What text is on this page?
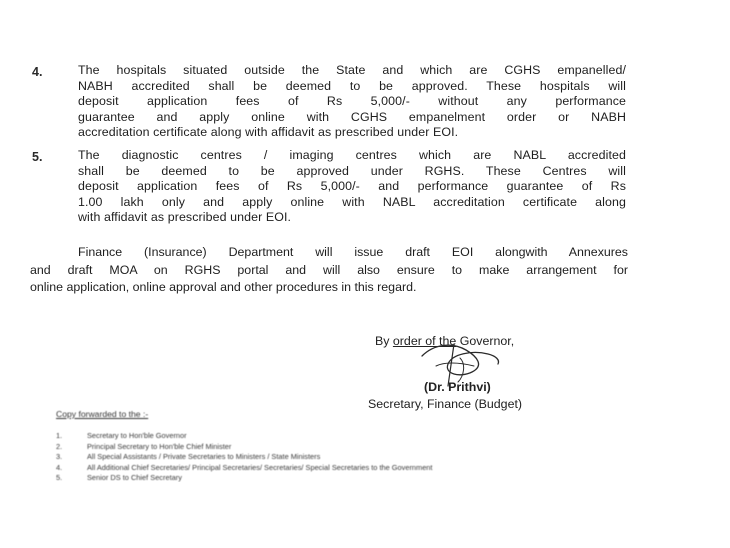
4.	The hospitals situated outside the State and which are CGHS empanelled/
NABH accredited shall be deemed to be approved. These hospitals will
deposit application fees of Rs 5,000/- without any performance
guarantee and apply online with CGHS empanelment order or NABH
accreditation certificate along with affidavit as prescribed under EOI.
5.	The diagnostic centres / imaging centres which are NABL accredited
shall be deemed to be approved under RGHS. These Centres will
deposit application fees of Rs 5,000/- and performance guarantee of Rs
1.00 lakh only and apply online with NABL accreditation certificate along
with affidavit as prescribed under EOI.
Finance (Insurance) Department will issue draft EOI alongwith Annexures
and draft MOA on RGHS portal and will also ensure to make arrangement for
online application, online approval and other procedures in this regard.
By order of the Governor,
(Dr. Prithvi)
Secretary, Finance (Budget)
Copy forwarded to the :-
1.	Secretary to Hon'ble Governor
2.	Principal Secretary to Hon'ble Chief Minister
3.	All Special Assistants / Private Secretaries to Ministers / State Ministers
4.	All Additional Chief Secretaries/ Principal Secretaries/ Secretaries/ Special Secretaries to the Government
5.	Senior DS to Chief Secretary
